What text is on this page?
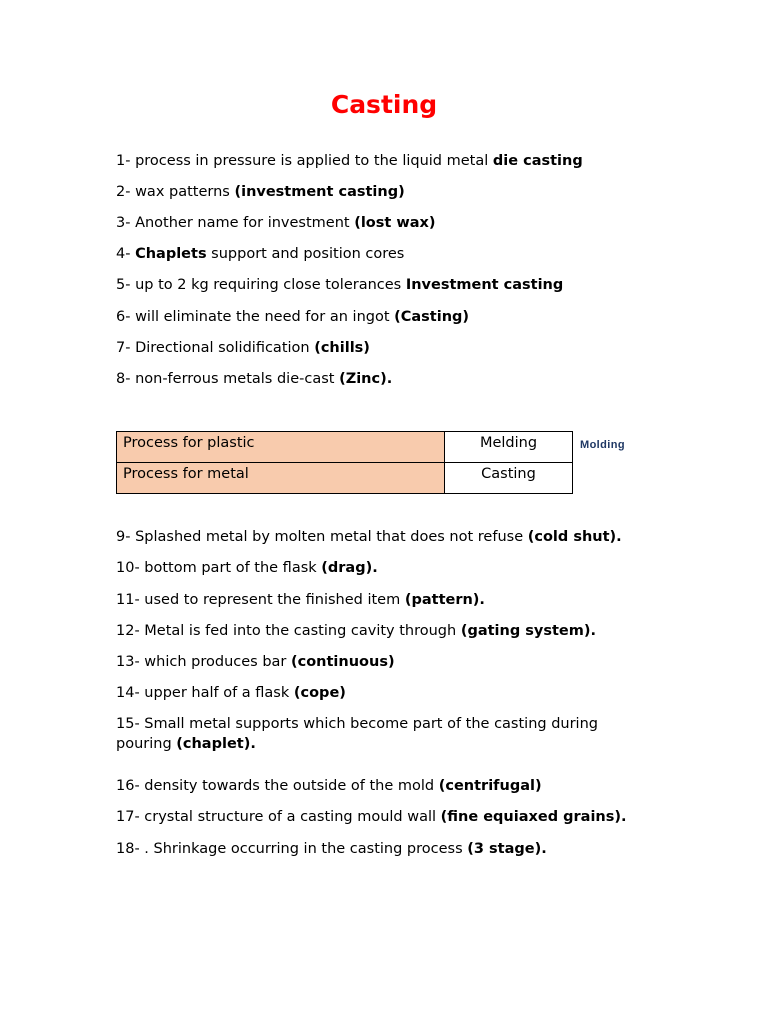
Casting
1- process in pressure is applied to the liquid metal die casting
2- wax patterns (investment casting)
3- Another name for investment (lost wax)
4- Chaplets support and position cores
5- up to 2 kg requiring close tolerances Investment casting
6- will eliminate the need for an ingot (Casting)
7- Directional solidification (chills)
8- non-ferrous metals die-cast (Zinc).
Process for plastic	Melding
Process for metal	Casting
Molding
9- Splashed metal by molten metal that does not refuse (cold shut).
10- bottom part of the flask (drag).
11- used to represent the finished item (pattern).
12- Metal is fed into the casting cavity through (gating system).
13- which produces bar (continuous)
14- upper half of a flask (cope)
15- Small metal supports which become part of the casting during pouring (chaplet).
16- density towards the outside of the mold (centrifugal)
17- crystal structure of a casting mould wall (fine equiaxed grains).
18- . Shrinkage occurring in the casting process (3 stage).
